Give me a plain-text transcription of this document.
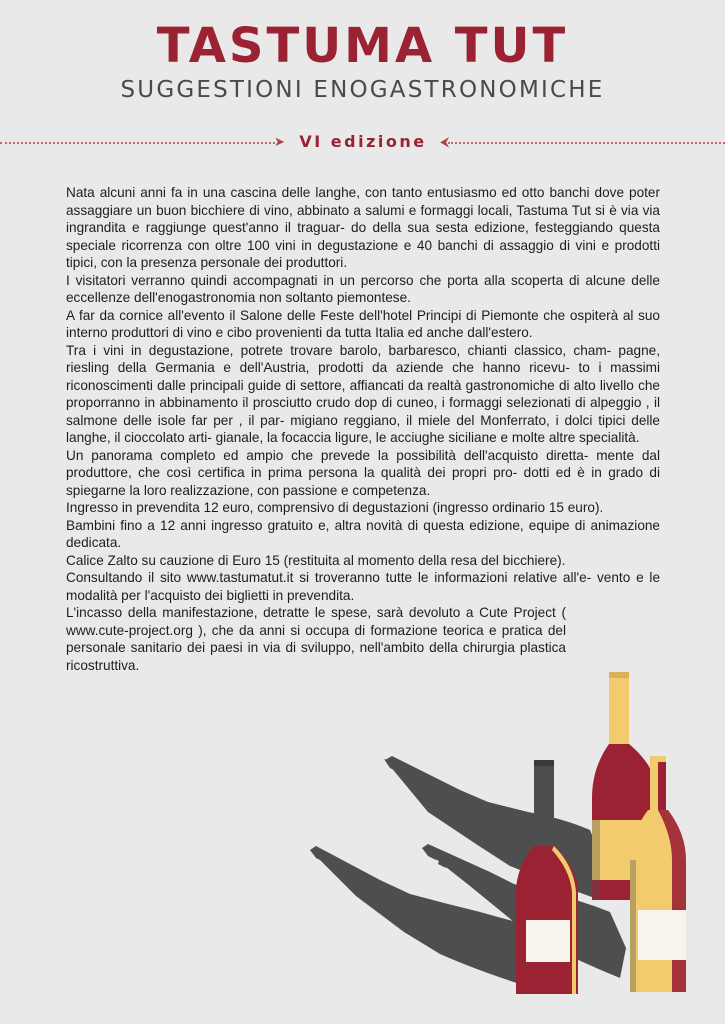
TASTUMA TUT
SUGGESTIONI ENOGASTRONOMICHE
➤ VI edizione	⮜

Nata alcuni anni fa in una cascina delle langhe, con tanto entusiasmo ed otto banchi dove poter assaggiare un buon bicchiere di vino, abbinato a salumi e formaggi locali, Tastuma Tut si è via via ingrandita e raggiunge quest'anno il traguar- do della sua sesta edizione, festeggiando questa speciale ricorrenza con oltre 100 vini in degustazione e 40 banchi di assaggio di vini e prodotti tipici, con la presenza personale dei produttori.

I visitatori verranno quindi accompagnati in un percorso che porta alla scoperta di alcune delle eccellenze dell'enogastronomia non soltanto piemontese.

A far da cornice all'evento il Salone delle Feste dell'hotel Principi di Piemonte che ospiterà al suo interno produttori di vino e cibo provenienti da tutta Italia ed anche dall'estero.

Tra i vini in degustazione, potrete trovare barolo, barbaresco, chianti classico, cham- pagne, riesling della Germania e dell'Austria, prodotti da aziende che hanno ricevu- to i massimi riconoscimenti dalle principali guide di settore, affiancati da realtà gastronomiche di alto livello che proporranno in abbinamento il prosciutto crudo dop di cuneo, i formaggi selezionati di alpeggio , il salmone delle isole far per , il par- migiano reggiano, il miele del Monferrato, i dolci tipici delle langhe, il cioccolato arti- gianale, la focaccia ligure, le acciughe siciliane e molte altre specialità.

Un panorama completo ed ampio che prevede la possibilità dell'acquisto diretta- mente dal produttore, che così certifica in prima persona la qualità dei propri pro- dotti ed è in grado di spiegarne la loro realizzazione, con passione e competenza.

Ingresso in prevendita 12 euro, comprensivo di degustazioni (ingresso ordinario 15 euro).

Bambini fino a 12 anni ingresso gratuito e, altra novità di questa edizione, equipe di animazione dedicata.

Calice Zalto su cauzione di Euro 15 (restituita al momento della resa del bicchiere).

Consultando il sito www.tastumatut.it si troveranno tutte le informazioni relative all'e- vento e le modalità per l'acquisto dei biglietti in prevendita.

L'incasso della manifestazione, detratte le spese, sarà devoluto a Cute Project ( www.cute-project.org ), che da anni si occupa di formazione teorica e pratica del personale sanitario dei paesi in via di sviluppo, nell'ambito della chirurgia plastica ricostruttiva.
